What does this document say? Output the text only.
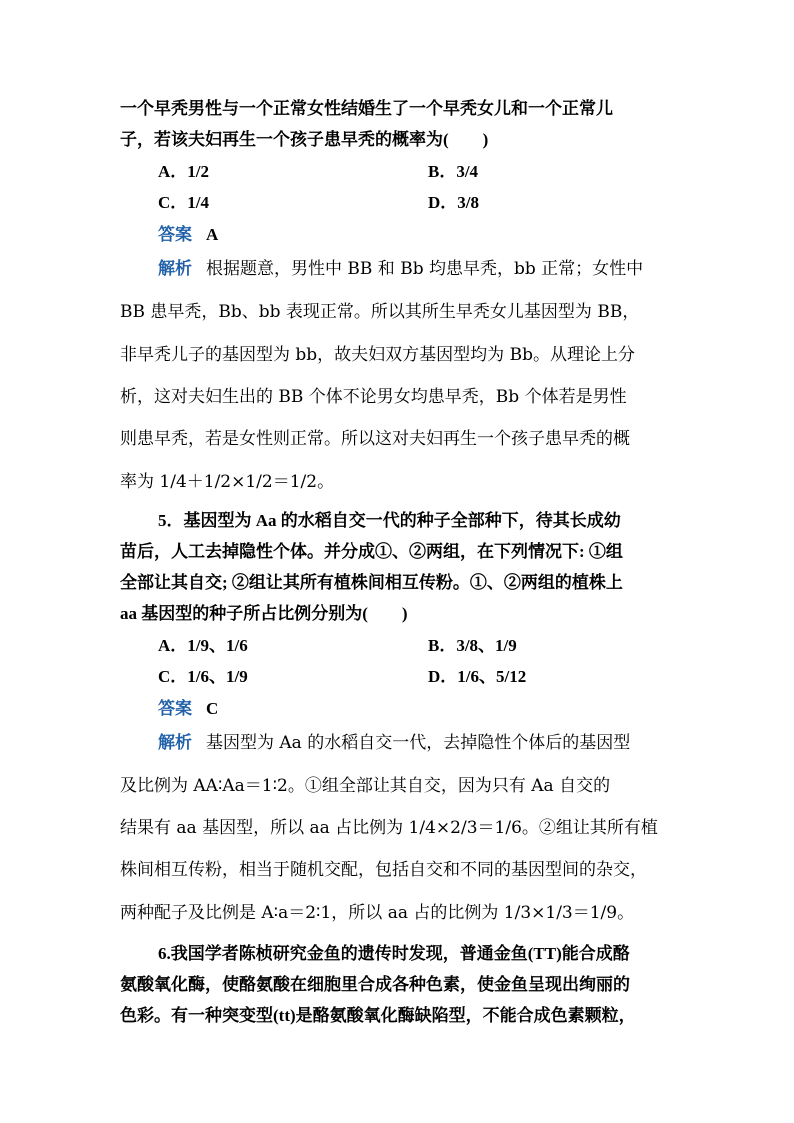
一个早秃男性与一个正常女性结婚生了一个早秃女儿和一个正常儿
子，若该夫妇再生一个孩子患早秃的概率为(　　)
A．1/2	B．3/4
C．1/4	D．3/8
答案 A
解析 根据题意，男性中 BB 和 Bb 均患早秃，bb 正常；女性中
BB 患早秃，Bb、bb 表现正常。所以其所生早秃女儿基因型为 BB，
非早秃儿子的基因型为 bb，故夫妇双方基因型均为 Bb。从理论上分
析，这对夫妇生出的 BB 个体不论男女均患早秃，Bb 个体若是男性
则患早秃，若是女性则正常。所以这对夫妇再生一个孩子患早秃的概
率为 1/4＋1/2×1/2＝1/2。
5．基因型为 Aa 的水稻自交一代的种子全部种下，待其长成幼
苗后，人工去掉隐性个体。并分成①、②两组，在下列情况下: ①组
全部让其自交; ②组让其所有植株间相互传粉。①、②两组的植株上
aa 基因型的种子所占比例分别为(　　)
A．1/9、1/6	B．3/8、1/9
C．1/6、1/9	D．1/6、5/12
答案 C
解析 基因型为 Aa 的水稻自交一代，去掉隐性个体后的基因型
及比例为 AA∶Aa＝1∶2。①组全部让其自交，因为只有 Aa 自交的
结果有 aa 基因型，所以 aa 占比例为 1/4×2/3＝1/6。②组让其所有植
株间相互传粉，相当于随机交配，包括自交和不同的基因型间的杂交，
两种配子及比例是 A∶a＝2∶1，所以 aa 占的比例为 1/3×1/3＝1/9。
6.我国学者陈桢研究金鱼的遗传时发现，普通金鱼(TT)能合成酪
氨酸氧化酶，使酪氨酸在细胞里合成各种色素，使金鱼呈现出绚丽的
色彩。有一种突变型(tt)是酪氨酸氧化酶缺陷型，不能合成色素颗粒，
